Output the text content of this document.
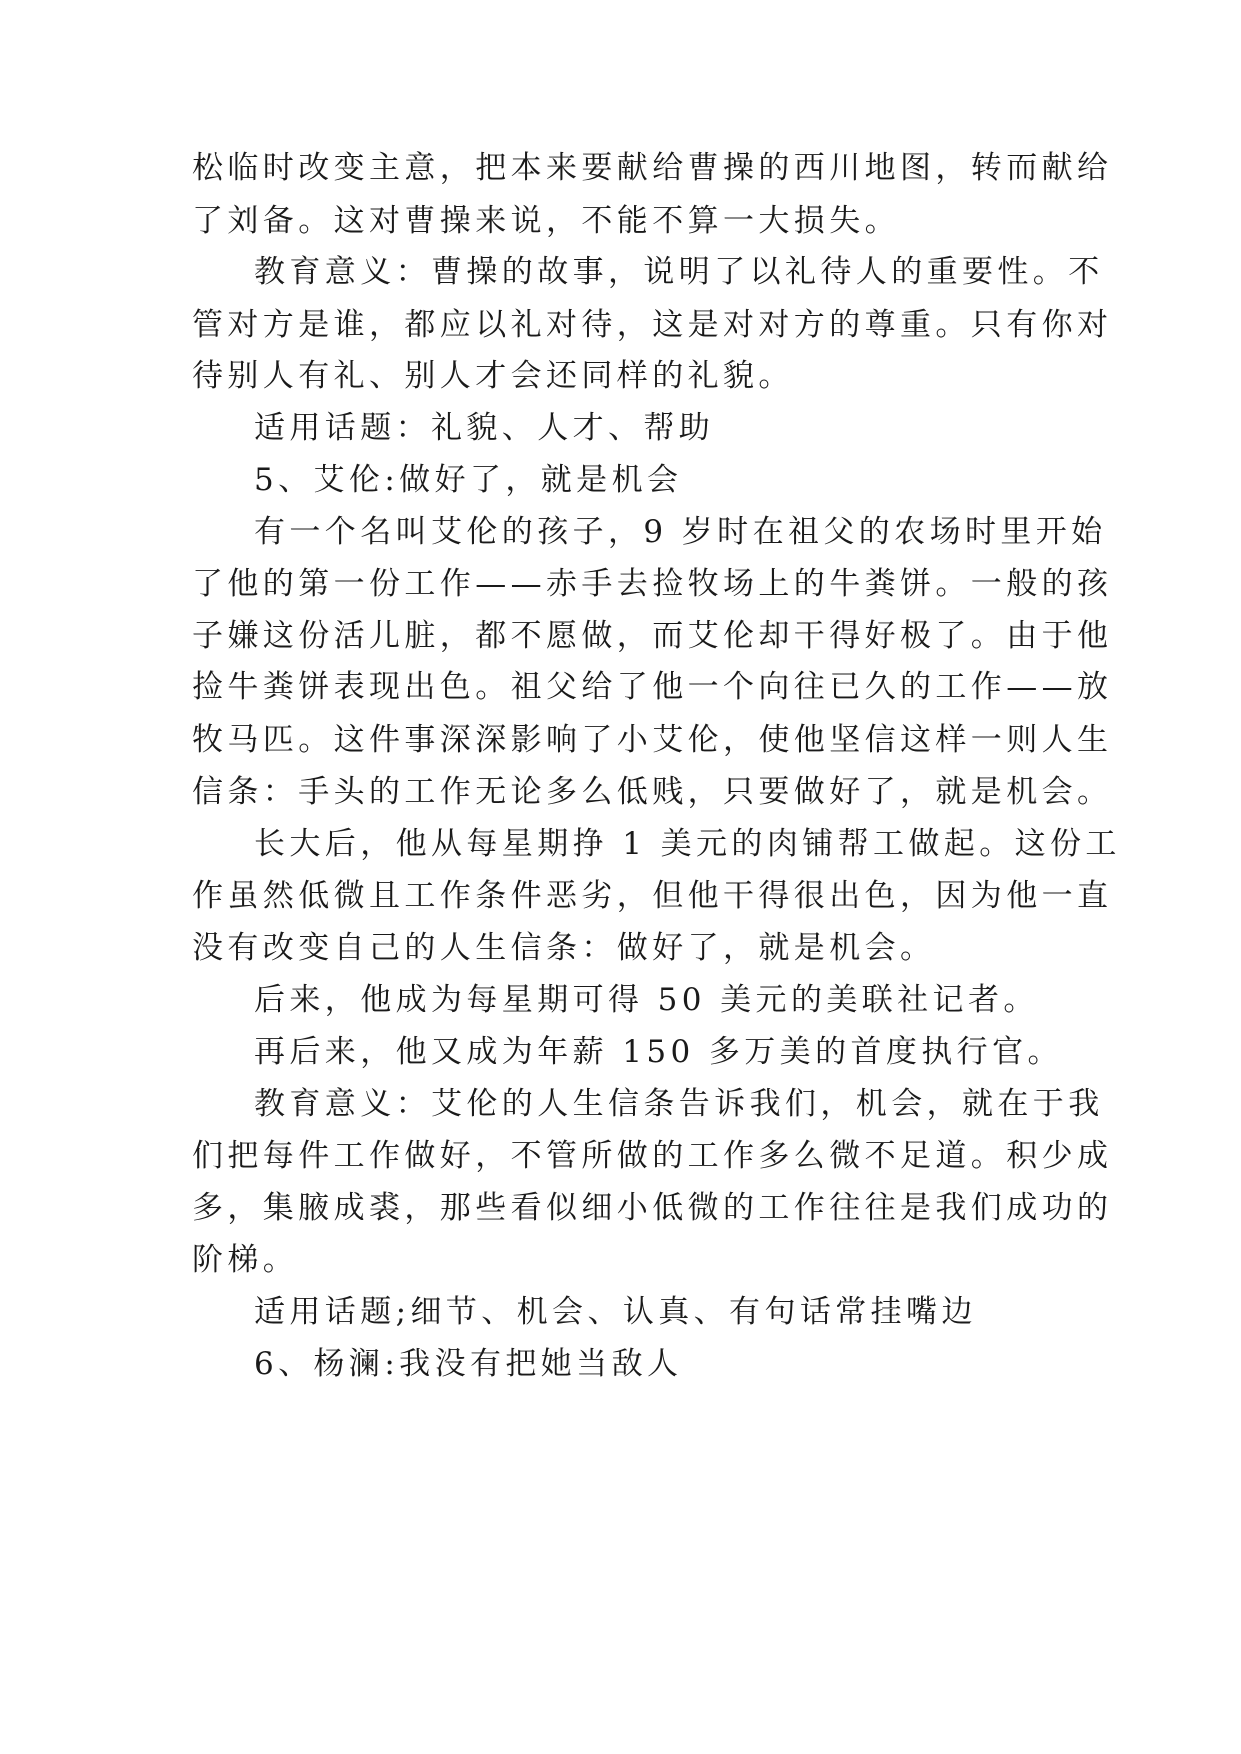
松临时改变主意，把本来要献给曹操的西川地图，转而献给
了刘备。这对曹操来说，不能不算一大损失。
教育意义：曹操的故事，说明了以礼待人的重要性。不
管对方是谁，都应以礼对待，这是对对方的尊重。只有你对
待别人有礼、别人才会还同样的礼貌。
适用话题：礼貌、人才、帮助
5、艾伦:做好了，就是机会
有一个名叫艾伦的孩子，9 岁时在祖父的农场时里开始
了他的第一份工作——赤手去捡牧场上的牛粪饼。一般的孩
子嫌这份活儿脏，都不愿做，而艾伦却干得好极了。由于他
捡牛粪饼表现出色。祖父给了他一个向往已久的工作——放
牧马匹。这件事深深影响了小艾伦，使他坚信这样一则人生
信条：手头的工作无论多么低贱，只要做好了，就是机会。
长大后，他从每星期挣 1 美元的肉铺帮工做起。这份工
作虽然低微且工作条件恶劣，但他干得很出色，因为他一直
没有改变自己的人生信条：做好了，就是机会。
后来，他成为每星期可得 50 美元的美联社记者。
再后来，他又成为年薪 150 多万美的首度执行官。
教育意义：艾伦的人生信条告诉我们，机会，就在于我
们把每件工作做好，不管所做的工作多么微不足道。积少成
多，集腋成裘，那些看似细小低微的工作往往是我们成功的
阶梯。
适用话题;细节、机会、认真、有句话常挂嘴边
6、杨澜:我没有把她当敌人
